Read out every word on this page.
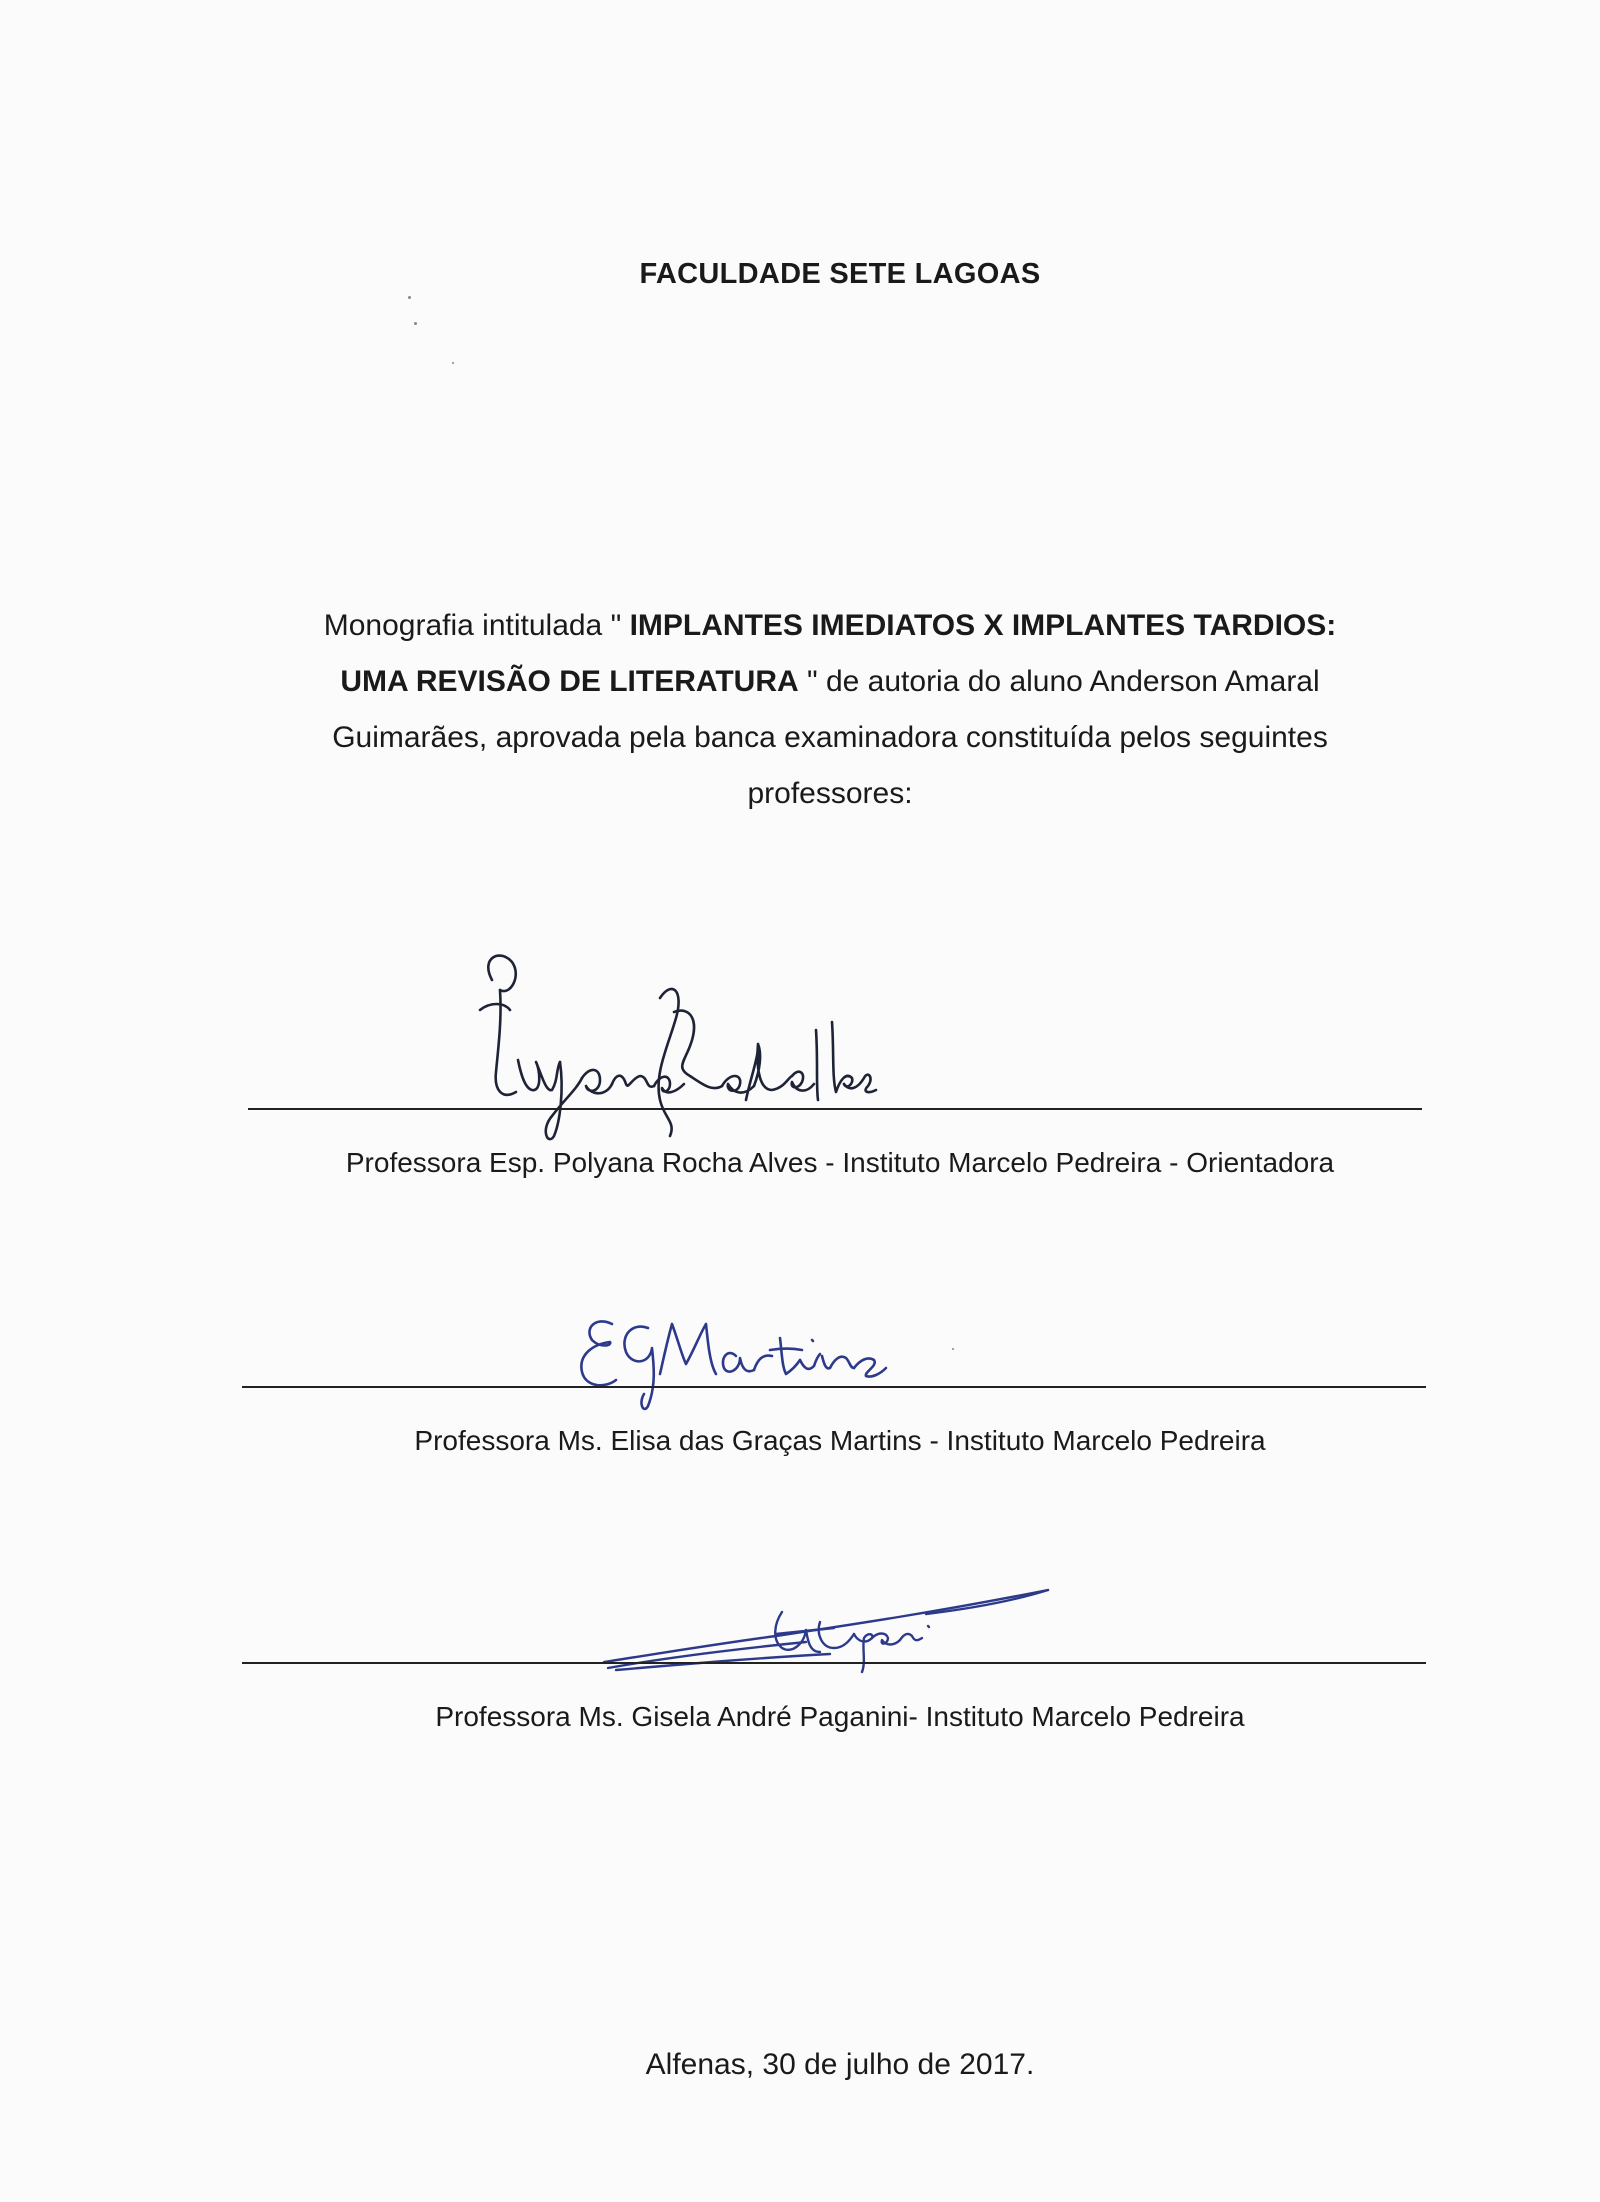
FACULDADE SETE LAGOAS
Monografia intitulada " IMPLANTES IMEDIATOS X IMPLANTES TARDIOS:
UMA REVISÃO DE LITERATURA " de autoria do aluno Anderson Amaral Guimarães, aprovada pela banca examinadora constituída pelos seguintes professores:
Professora Esp. Polyana Rocha Alves - Instituto Marcelo Pedreira - Orientadora
Professora Ms. Elisa das Graças Martins - Instituto Marcelo Pedreira
Professora Ms. Gisela André Paganini- Instituto Marcelo Pedreira
Alfenas, 30 de julho de 2017.
